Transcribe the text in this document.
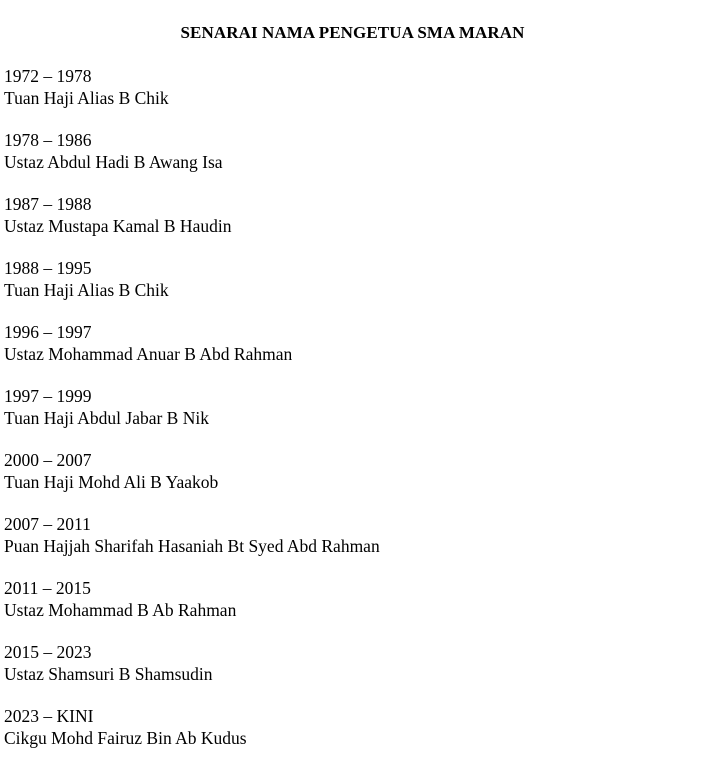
SENARAI NAMA PENGETUA SMA MARAN
1972 – 1978
Tuan Haji Alias B Chik
1978 – 1986
Ustaz Abdul Hadi B Awang Isa
1987 – 1988
Ustaz Mustapa Kamal B Haudin
1988 – 1995
Tuan Haji Alias B Chik
1996 – 1997
Ustaz Mohammad Anuar B Abd Rahman
1997 – 1999
Tuan Haji Abdul Jabar B Nik
2000 – 2007
Tuan Haji Mohd Ali B Yaakob
2007 – 2011
Puan Hajjah Sharifah Hasaniah Bt Syed Abd Rahman
2011 – 2015
Ustaz Mohammad B Ab Rahman
2015 – 2023
Ustaz Shamsuri B Shamsudin
2023 – KINI
Cikgu Mohd Fairuz Bin Ab Kudus
